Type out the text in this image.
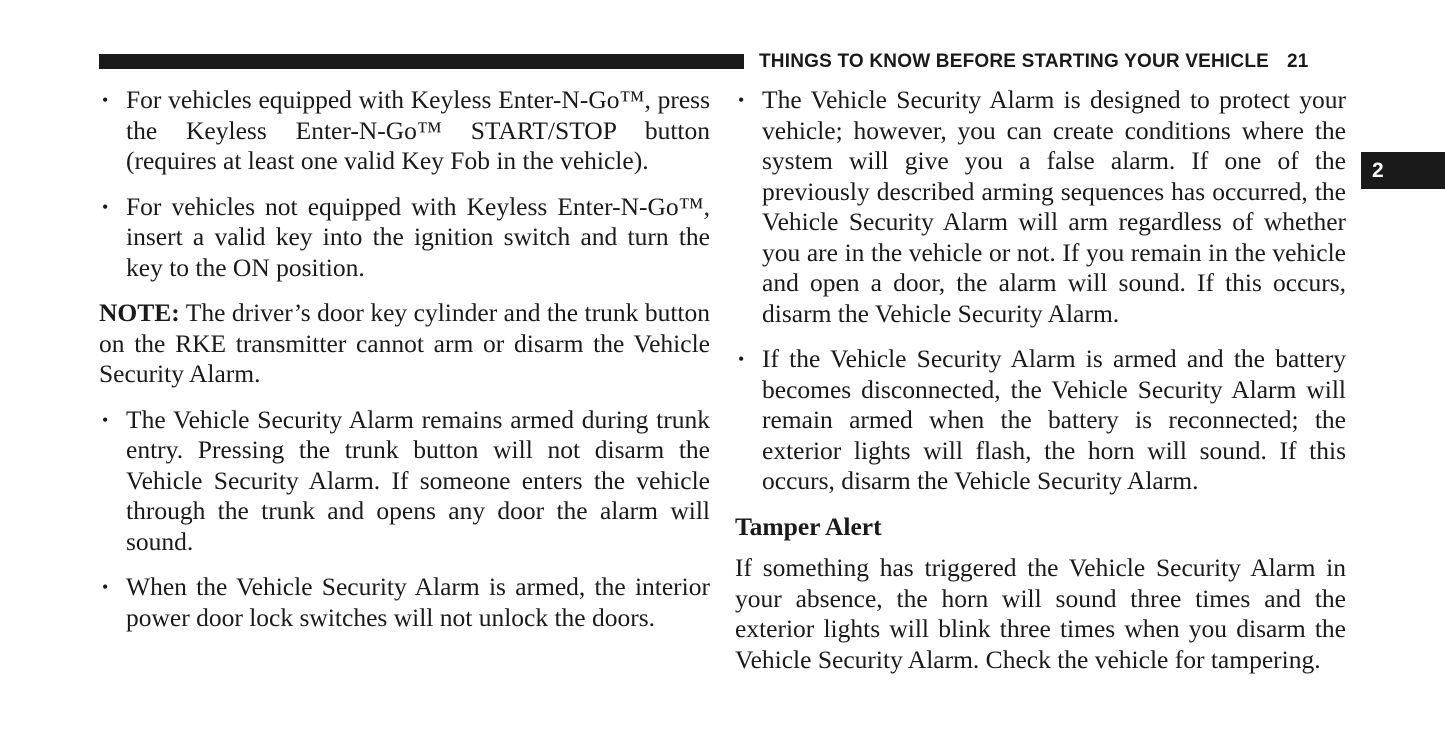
THINGS TO KNOW BEFORE STARTING YOUR VEHICLE 21
2
• For vehicles equipped with Keyless Enter-N-Go™, press the Keyless Enter-N-Go™ START/STOP button (requires at least one valid Key Fob in the vehicle).
• For vehicles not equipped with Keyless Enter-N-Go™, insert a valid key into the ignition switch and turn the key to the ON position.

NOTE: The driver’s door key cylinder and the trunk button on the RKE transmitter cannot arm or disarm the Vehicle Security Alarm.

• The Vehicle Security Alarm remains armed during trunk entry. Pressing the trunk button will not disarm the Vehicle Security Alarm. If someone enters the vehicle through the trunk and opens any door the alarm will sound.
• When the Vehicle Security Alarm is armed, the interior power door lock switches will not unlock the doors.
• The Vehicle Security Alarm is designed to protect your vehicle; however, you can create conditions where the system will give you a false alarm. If one of the previously described arming sequences has occurred, the Vehicle Security Alarm will arm regardless of whether you are in the vehicle or not. If you remain in the vehicle and open a door, the alarm will sound. If this occurs, disarm the Vehicle Security Alarm.
• If the Vehicle Security Alarm is armed and the battery becomes disconnected, the Vehicle Security Alarm will remain armed when the battery is reconnected; the exterior lights will flash, the horn will sound. If this occurs, disarm the Vehicle Security Alarm.
Tamper Alert

If something has triggered the Vehicle Security Alarm in your absence, the horn will sound three times and the exterior lights will blink three times when you disarm the Vehicle Security Alarm. Check the vehicle for tampering.
